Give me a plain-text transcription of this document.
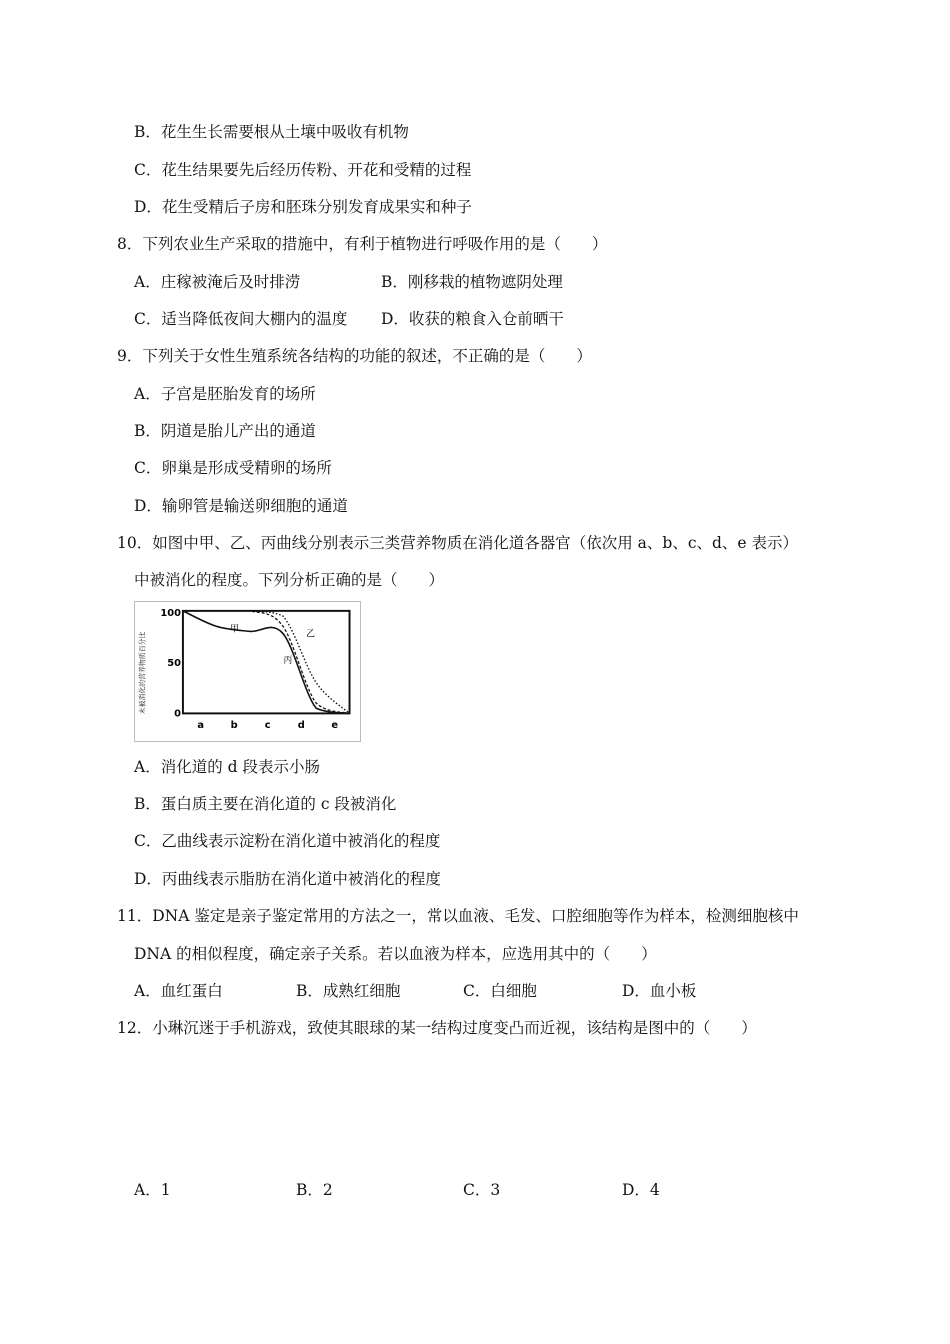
B．花生生长需要根从土壤中吸收有机物
C．花生结果要先后经历传粉、开花和受精的过程
D．花生受精后子房和胚珠分别发育成果实和种子
8．下列农业生产采取的措施中，有利于植物进行呼吸作用的是（　　）
A．庄稼被淹后及时排涝	B．刚移栽的植物遮阴处理
C．适当降低夜间大棚内的温度 D．收获的粮食入仓前晒干
9．下列关于女性生殖系统各结构的功能的叙述，不正确的是（　　）
A．子宫是胚胎发育的场所
B．阴道是胎儿产出的通道
C．卵巢是形成受精卵的场所
D．输卵管是输送卵细胞的通道
10．如图中甲、乙、丙曲线分别表示三类营养物质在消化道各器官（依次用 a、b、c、d、e 表示）
中被消化的程度。下列分析正确的是（　　）
未被消化的营养物质百分比
100
50
0
a	b	c	d	e
甲	乙
丙
A．消化道的 d 段表示小肠
B．蛋白质主要在消化道的 c 段被消化
C．乙曲线表示淀粉在消化道中被消化的程度
D．丙曲线表示脂肪在消化道中被消化的程度
11．DNA 鉴定是亲子鉴定常用的方法之一，常以血液、毛发、口腔细胞等作为样本，检测细胞核中
DNA 的相似程度，确定亲子关系。若以血液为样本，应选用其中的（　　）
A．血红蛋白	B．成熟红细胞	C．白细胞	D．血小板
12．小琳沉迷于手机游戏，致使其眼球的某一结构过度变凸而近视，该结构是图中的（　　）
A．1	B．2	C．3	D．4
